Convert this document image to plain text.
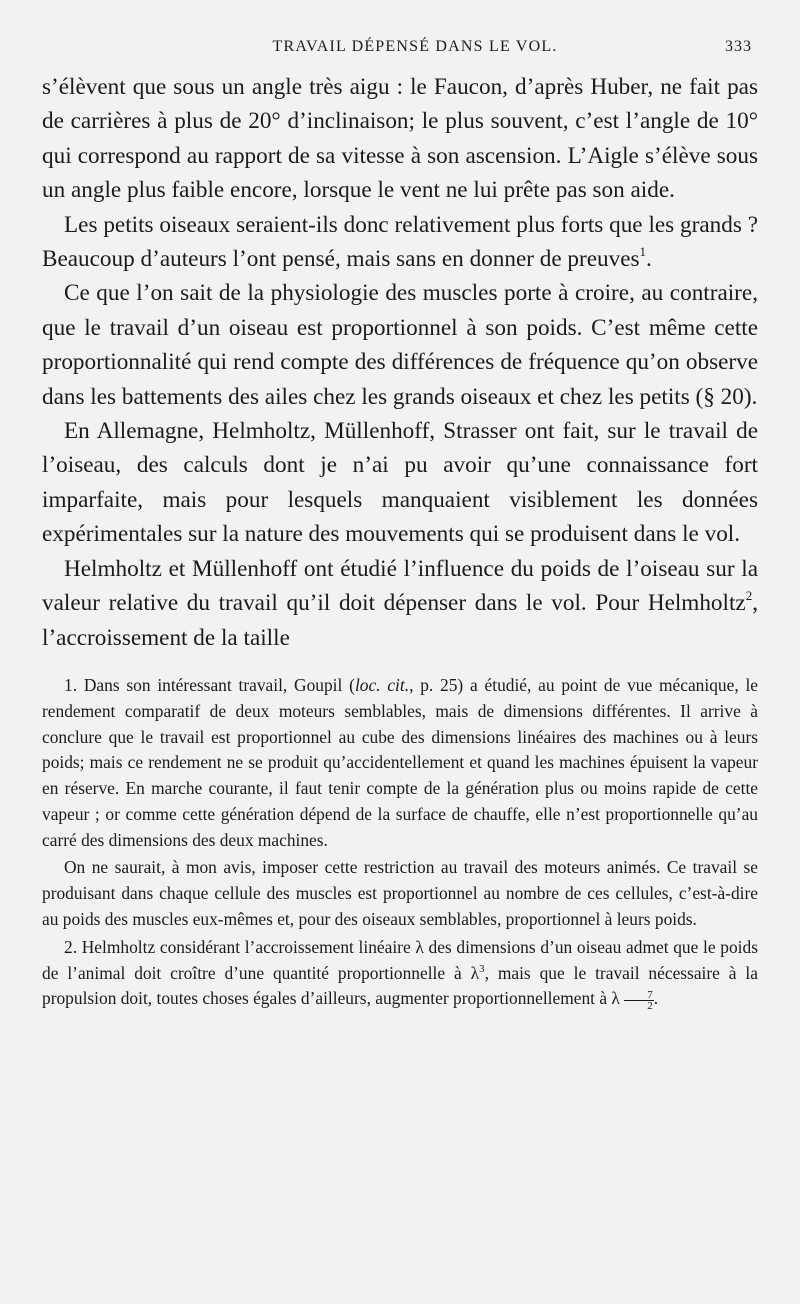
TRAVAIL DÉPENSÉ DANS LE VOL.	333

s’élèvent que sous un angle très aigu : le Faucon, d’après Huber, ne fait pas de carrières à plus de 20° d’inclinaison; le plus souvent, c’est l’angle de 10° qui correspond au rapport de sa vitesse à son ascension. L’Aigle s’élève sous un angle plus faible encore, lorsque le vent ne lui prête pas son aide.

Les petits oiseaux seraient-ils donc relativement plus forts que les grands ? Beaucoup d’auteurs l’ont pensé, mais sans en donner de preuves$^1$.

Ce que l’on sait de la physiologie des muscles porte à croire, au contraire, que le travail d’un oiseau est proportionnel à son poids. C’est même cette proportionnalité qui rend compte des différences de fréquence qu’on observe dans les battements des ailes chez les grands oiseaux et chez les petits (§ 20).

En Allemagne, Helmholtz, Müllenhoff, Strasser ont fait, sur le travail de l’oiseau, des calculs dont je n’ai pu avoir qu’une connaissance fort imparfaite, mais pour lesquels manquaient visiblement les données expérimentales sur la nature des mouvements qui se produisent dans le vol.

Helmholtz et Müllenhoff ont étudié l’influence du poids de l’oiseau sur la valeur relative du travail qu’il doit dépenser dans le vol. Pour Helmholtz$^2$, l’accroissement de la taille

1. Dans son intéressant travail, Goupil (loc. cit., p. 25) a étudié, au point de vue mécanique, le rendement comparatif de deux moteurs semblables, mais de dimensions différentes. Il arrive à conclure que le travail est proportionnel au cube des dimensions linéaires des machines ou à leurs poids; mais ce rendement ne se produit qu’accidentellement et quand les machines épuisent la vapeur en réserve. En marche courante, il faut tenir compte de la génération plus ou moins rapide de cette vapeur ; or comme cette génération dépend de la surface de chauffe, elle n’est proportionnelle qu’au carré des dimensions des deux machines.

On ne saurait, à mon avis, imposer cette restriction au travail des moteurs animés. Ce travail se produisant dans chaque cellule des muscles est proportionnel au nombre de ces cellules, c’est-à-dire au poids des muscles eux-mêmes et, pour des oiseaux semblables, proportionnel à leurs poids.

2. Helmholtz considérant l’accroissement linéaire λ des dimensions d’un oiseau admet que le poids de l’animal doit croître d’une quantité proportionnelle à $\lambda^3$, mais que le travail nécessaire à la propulsion doit, toutes choses égales d’ailleurs, augmenter proportionnellement à λ $\frac{7}{2}$ .
